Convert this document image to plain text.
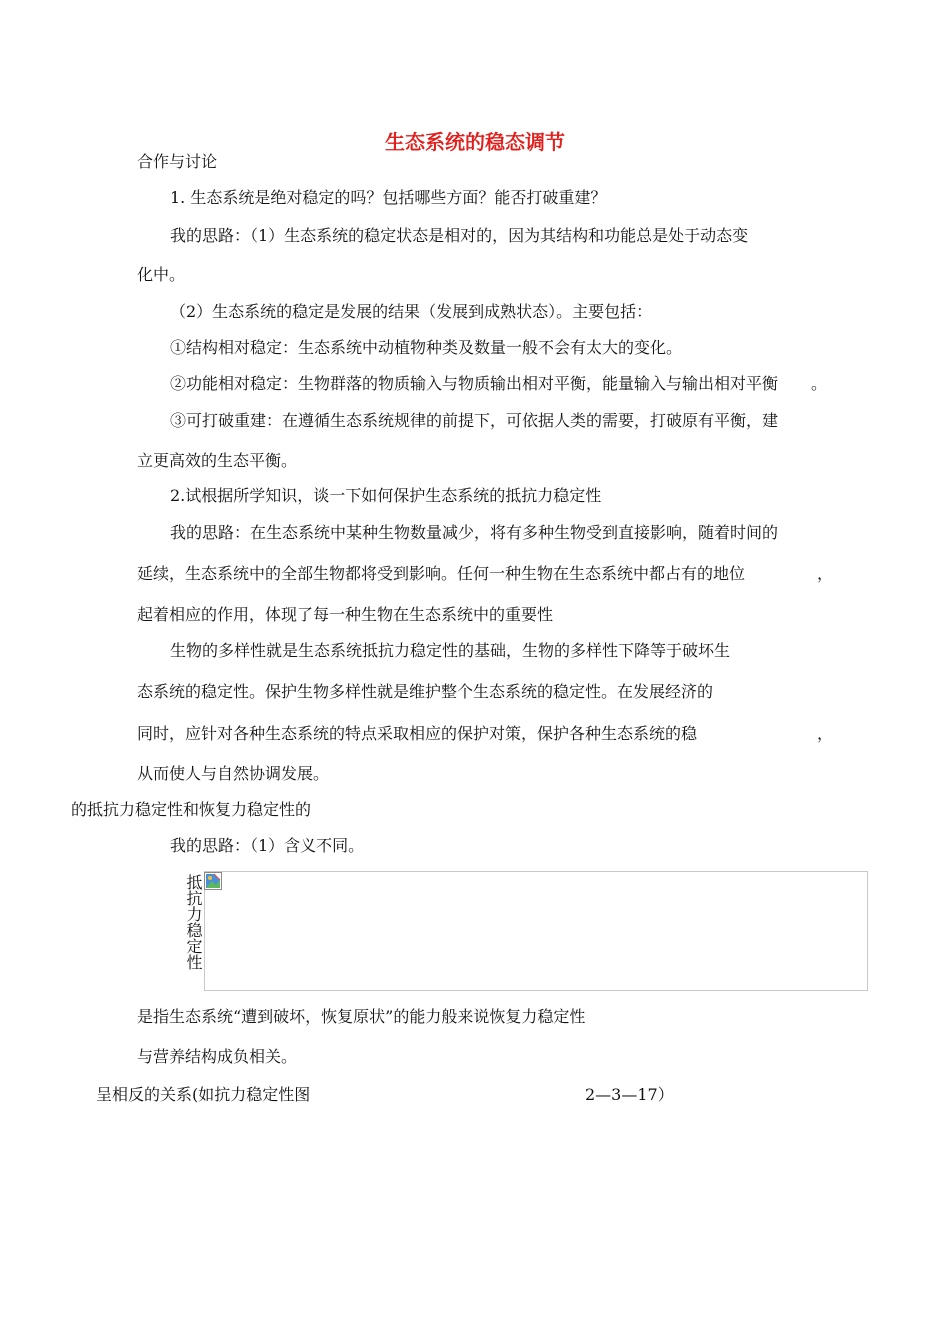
生态系统的稳态调节
合作与讨论
1. 生态系统是绝对稳定的吗？包括哪些方面？能否打破重建？
我的思路：（1）生态系统的稳定状态是相对的，因为其结构和功能总是处于动态变
化中。
（2）生态系统的稳定是发展的结果（发展到成熟状态）。主要包括：
①结构相对稳定：生态系统中动植物种类及数量一般不会有太大的变化。
②功能相对稳定：生物群落的物质输入与物质输出相对平衡，能量输入与输出相对平衡 。
③可打破重建：在遵循生态系统规律的前提下，可依据人类的需要，打破原有平衡，建
立更高效的生态平衡。
2.试根据所学知识，谈一下如何保护生态系统的抵抗力稳定性
我的思路：在生态系统中某种生物数量减少，将有多种生物受到直接影响，随着时间的
延续，生态系统中的全部生物都将受到影响。任何一种生物在生态系统中都占有的地位	，
起着相应的作用，体现了每一种生物在生态系统中的重要性
生物的多样性就是生态系统抵抗力稳定性的基础，生物的多样性下降等于破坏生
态系统的稳定性。保护生物多样性就是维护整个生态系统的稳定性。在发展经济的
同时，应针对各种生态系统的特点采取相应的保护对策，保护各种生态系统的稳	，
从而使人与自然协调发展。
的抵抗力稳定性和恢复力稳定性的
我的思路：（1）含义不同。
抵抗力稳定性
是指生态系统“遭到破坏，恢复原状”的能力般来说恢复力稳定性
与营养结构成负相关。
呈相反的关系(如抗力稳定性图	2—3—17）
